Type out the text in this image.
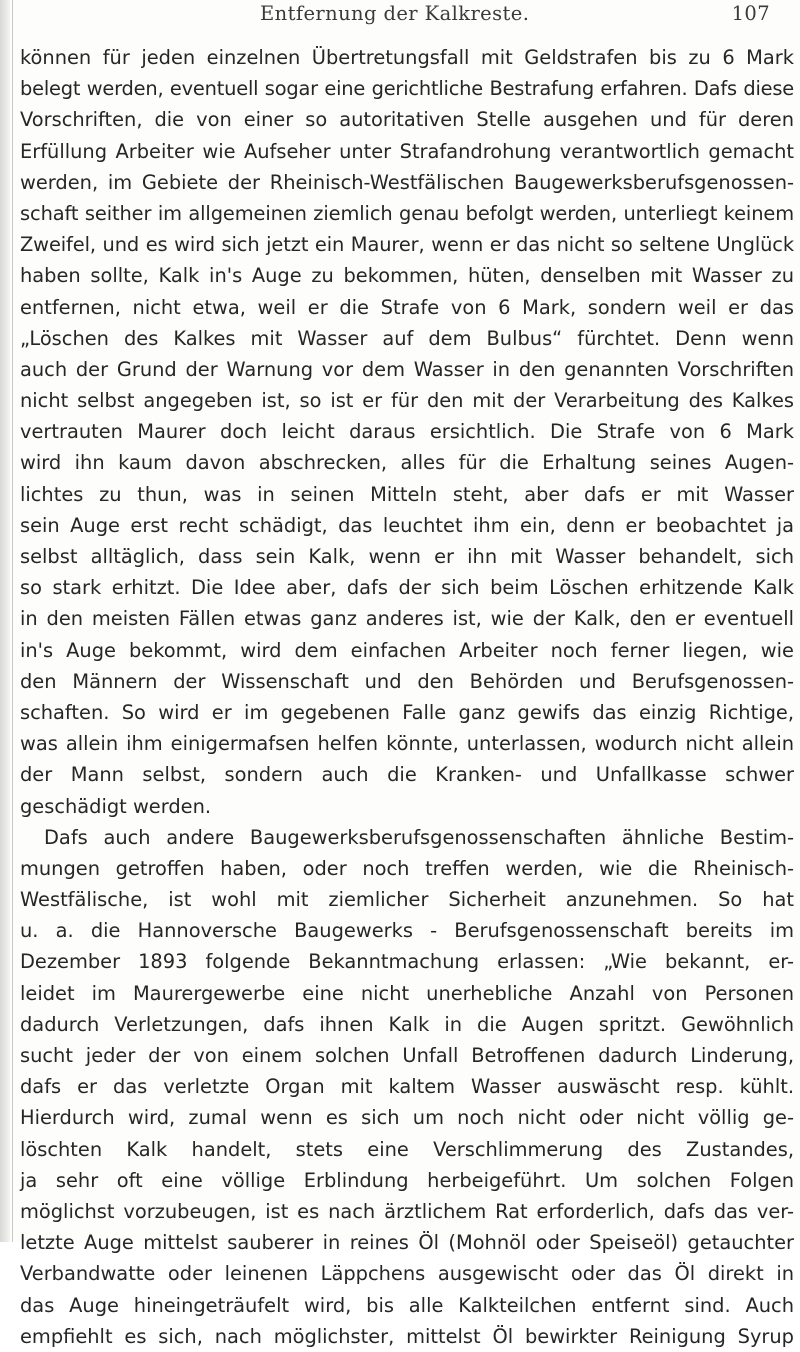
Entfernung der Kalkreste.	107
können für jeden einzelnen Übertretungsfall mit Geldstrafen bis zu 6 Mark
belegt werden, eventuell sogar eine gerichtliche Bestrafung erfahren. Dafs diese
Vorschriften, die von einer so autoritativen Stelle ausgehen und für deren
Erfüllung Arbeiter wie Aufseher unter Strafandrohung verantwortlich gemacht
werden, im Gebiete der Rheinisch-Westfälischen Baugewerksberufsgenossen-
schaft seither im allgemeinen ziemlich genau befolgt werden, unterliegt keinem
Zweifel, und es wird sich jetzt ein Maurer, wenn er das nicht so seltene Unglück
haben sollte, Kalk in's Auge zu bekommen, hüten, denselben mit Wasser zu
entfernen, nicht etwa, weil er die Strafe von 6 Mark, sondern weil er das
„Löschen des Kalkes mit Wasser auf dem Bulbus“ fürchtet. Denn wenn
auch der Grund der Warnung vor dem Wasser in den genannten Vorschriften
nicht selbst angegeben ist, so ist er für den mit der Verarbeitung des Kalkes
vertrauten Maurer doch leicht daraus ersichtlich. Die Strafe von 6 Mark
wird ihn kaum davon abschrecken, alles für die Erhaltung seines Augen-
lichtes zu thun, was in seinen Mitteln steht, aber dafs er mit Wasser
sein Auge erst recht schädigt, das leuchtet ihm ein, denn er beobachtet ja
selbst alltäglich, dass sein Kalk, wenn er ihn mit Wasser behandelt, sich
so stark erhitzt. Die Idee aber, dafs der sich beim Löschen erhitzende Kalk
in den meisten Fällen etwas ganz anderes ist, wie der Kalk, den er eventuell
in's Auge bekommt, wird dem einfachen Arbeiter noch ferner liegen, wie
den Männern der Wissenschaft und den Behörden und Berufsgenossen-
schaften. So wird er im gegebenen Falle ganz gewifs das einzig Richtige,
was allein ihm einigermafsen helfen könnte, unterlassen, wodurch nicht allein
der Mann selbst, sondern auch die Kranken- und Unfallkasse schwer
geschädigt werden.
Dafs auch andere Baugewerksberufsgenossenschaften ähnliche Bestim-
mungen getroffen haben, oder noch treffen werden, wie die Rheinisch-
Westfälische, ist wohl mit ziemlicher Sicherheit anzunehmen. So hat
u. a. die Hannoversche Baugewerks - Berufsgenossenschaft bereits im
Dezember 1893 folgende Bekanntmachung erlassen: „Wie bekannt, er-
leidet im Maurergewerbe eine nicht unerhebliche Anzahl von Personen
dadurch Verletzungen, dafs ihnen Kalk in die Augen spritzt. Gewöhnlich
sucht jeder der von einem solchen Unfall Betroffenen dadurch Linderung,
dafs er das verletzte Organ mit kaltem Wasser auswäscht resp. kühlt.
Hierdurch wird, zumal wenn es sich um noch nicht oder nicht völlig ge-
löschten Kalk handelt, stets eine Verschlimmerung des Zustandes,
ja sehr oft eine völlige Erblindung herbeigeführt. Um solchen Folgen
möglichst vorzubeugen, ist es nach ärztlichem Rat erforderlich, dafs das ver-
letzte Auge mittelst sauberer in reines Öl (Mohnöl oder Speiseöl) getauchter
Verbandwatte oder leinenen Läppchens ausgewischt oder das Öl direkt in
das Auge hineingeträufelt wird, bis alle Kalkteilchen entfernt sind. Auch
empfiehlt es sich, nach möglichster, mittelst Öl bewirkter Reinigung Syrup
